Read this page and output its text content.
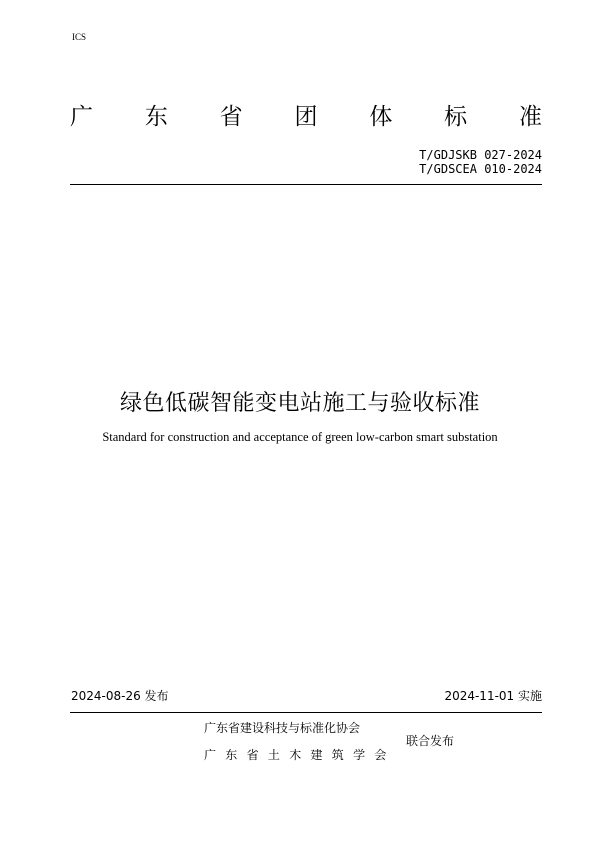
ICS
广 东 省 团 体 标 准
T/GDJSKB 027-2024
T/GDSCEA 010-2024
绿色低碳智能变电站施工与验收标准
Standard for construction and acceptance of green low-carbon smart substation
2024-08-26 发布	2024-11-01 实施
广东省建设科技与标准化协会
广东省土木建筑学会
联合发布
